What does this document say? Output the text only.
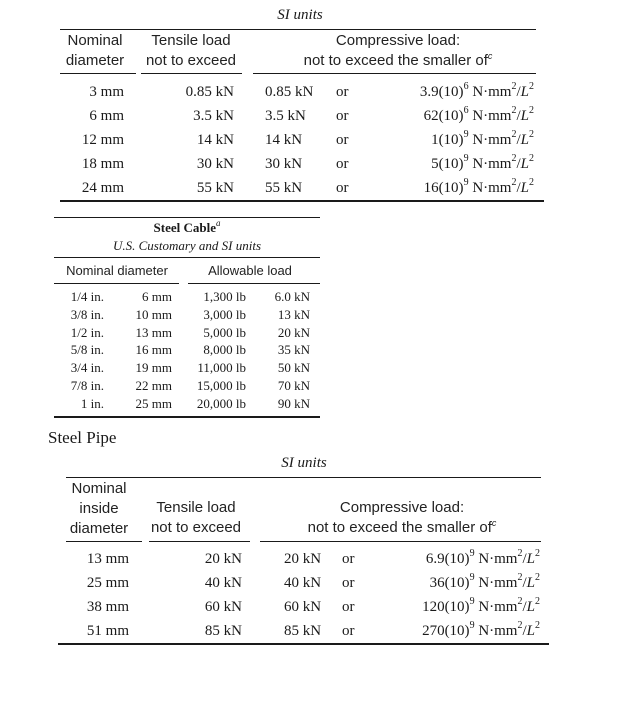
SI units
Nominal
diameter
Tensile load
not to exceed
Compressive load:
not to exceed the smaller $of^c$
3 mm	0.85 kN 0.85 kN or	$3.9(10)^6$ $N\cdot mm^2/L^2$
6 mm	3.5 kN 3.5 kN or	$62(10)^6$ $N\cdot mm^2/L^2$
12 mm	14 kN 14 kN or	$1(10)^9$ $N\cdot mm^2/L^2$
18 mm	30 kN 30 kN or	$5(10)^9$ $N\cdot mm^2/L^2$
24 mm	55 kN 55 kN or	$16(10)^9$ $N\cdot mm^2/L^2$
Steel Cable$^a$
U.S. Customary and SI units
Nominal diameter	Allowable load
1/4 in.	6 mm	1,300 lb	6.0 kN
3/8 in.	10 mm	3,000 lb	13 kN
1/2 in.	13 mm	5,000 lb	20 kN
5/8 in.	16 mm	8,000 lb	35 kN
3/4 in.	19 mm	11,000 lb	50 kN
7/8 in.	22 mm	15,000 lb	70 kN
1 in.	25 mm	20,000 lb	90 kN
Steel Pipe
SI units
Nominal
inside
diameter
Tensile load
not to exceed
Compressive load:
not to exceed the smaller $of^c$
13 mm	20 kN	20 kN or	$6.9(10)^9$ $N\cdot mm^2/L^2$
25 mm	40 kN	40 kN or	$36(10)^9$ $N\cdot mm^2/L^2$
38 mm	60 kN	60 kN or	$120(10)^9$ $N\cdot mm^2/L^2$
51 mm	85 kN	85 kN or	$270(10)^9$ $N\cdot mm^2/L^2$
